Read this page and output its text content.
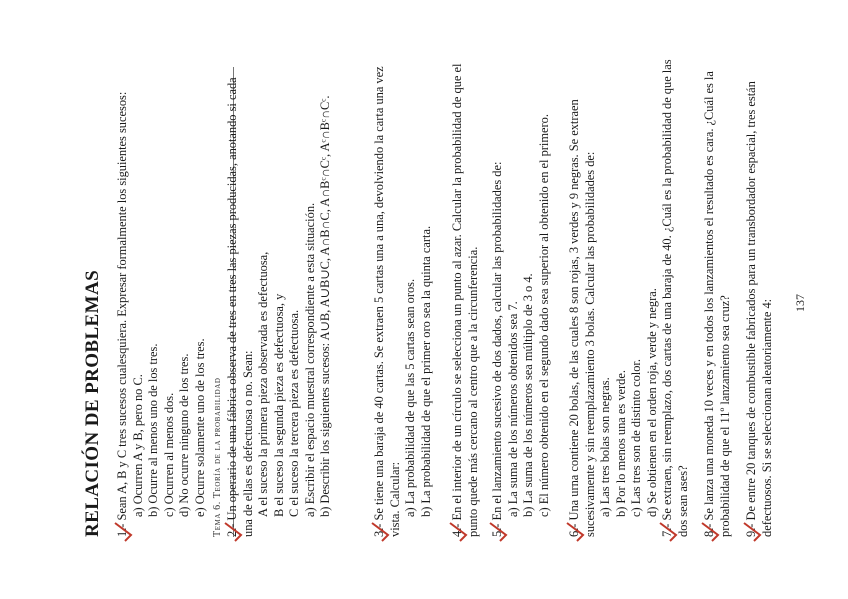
Tema 6. Teoría de la probabilidad
RELACIÓN DE PROBLEMAS 1.- Sean A, B y C tres sucesos cualesquiera. Expresar formalmente los siguientes sucesos: a) Ocurren A y B, pero no C. b) Ocurre al menos uno de los tres. c) Ocurren al menos dos. d) No ocurre ninguno de los tres. e) Ocurre solamente uno de los tres.
2.- Un operario de una fábrica observa de tres en tres las piezas producidas, anotando si cada una de ellas es defectuosa o no. Sean: A el suceso la primera pieza observada es defectuosa, B el suceso la segunda pieza es defectuosa, y C el suceso la tercera pieza es defectuosa. a) Escribir el espacio muestral correspondiente a esta situación. b) Describir los siguientes sucesos: A∪B, A∪B∪C, A∩B∩C, A∩Bᶜ∩Cᶜ, Aᶜ∩Bᶜ∩Cᶜ.
3.- Se tiene una baraja de 40 cartas. Se extraen 5 cartas una a una, devolviendo la carta una vez vista. Calcular: a) La probabilidad de que las 5 cartas sean oros. b) La probabilidad de que el primer oro sea la quinta carta.
4.- En el interior de un círculo se selecciona un punto al azar. Calcular la probabilidad de que el punto quede más cercano al centro que a la circunferencia. 5.- En el lanzamiento sucesivo de dos dados, calcular las probabilidades de: a) La suma de los números obtenidos sea 7. b) La suma de los números sea múltiplo de 3 o 4. c) El número obtenido en el segundo dado sea superior al obtenido en el primero.
6.- Una urna contiene 20 bolas, de las cuales 8 son rojas, 3 verdes y 9 negras. Se extraen sucesivamente y sin reemplazamiento 3 bolas. Calcular las probabilidades de: a) Las tres bolas son negras. b) Por lo menos una es verde. c) Las tres son de distinto color. d) Se obtienen en el orden roja, verde y negra.
7.- Se extraen, sin reemplazo, dos cartas de una baraja de 40. ¿Cuál es la probabilidad de que las dos sean ases? 8.- Se lanza una moneda 10 veces y en todos los lanzamientos el resultado es cara. ¿Cuál es la probabilidad de que el 11º lanzamiento sea cruz? 9.- De entre 20 tanques de combustible fabricados para un transbordador espacial, tres están defectuosos. Si se seleccionan aleatoriamente 4: 137
